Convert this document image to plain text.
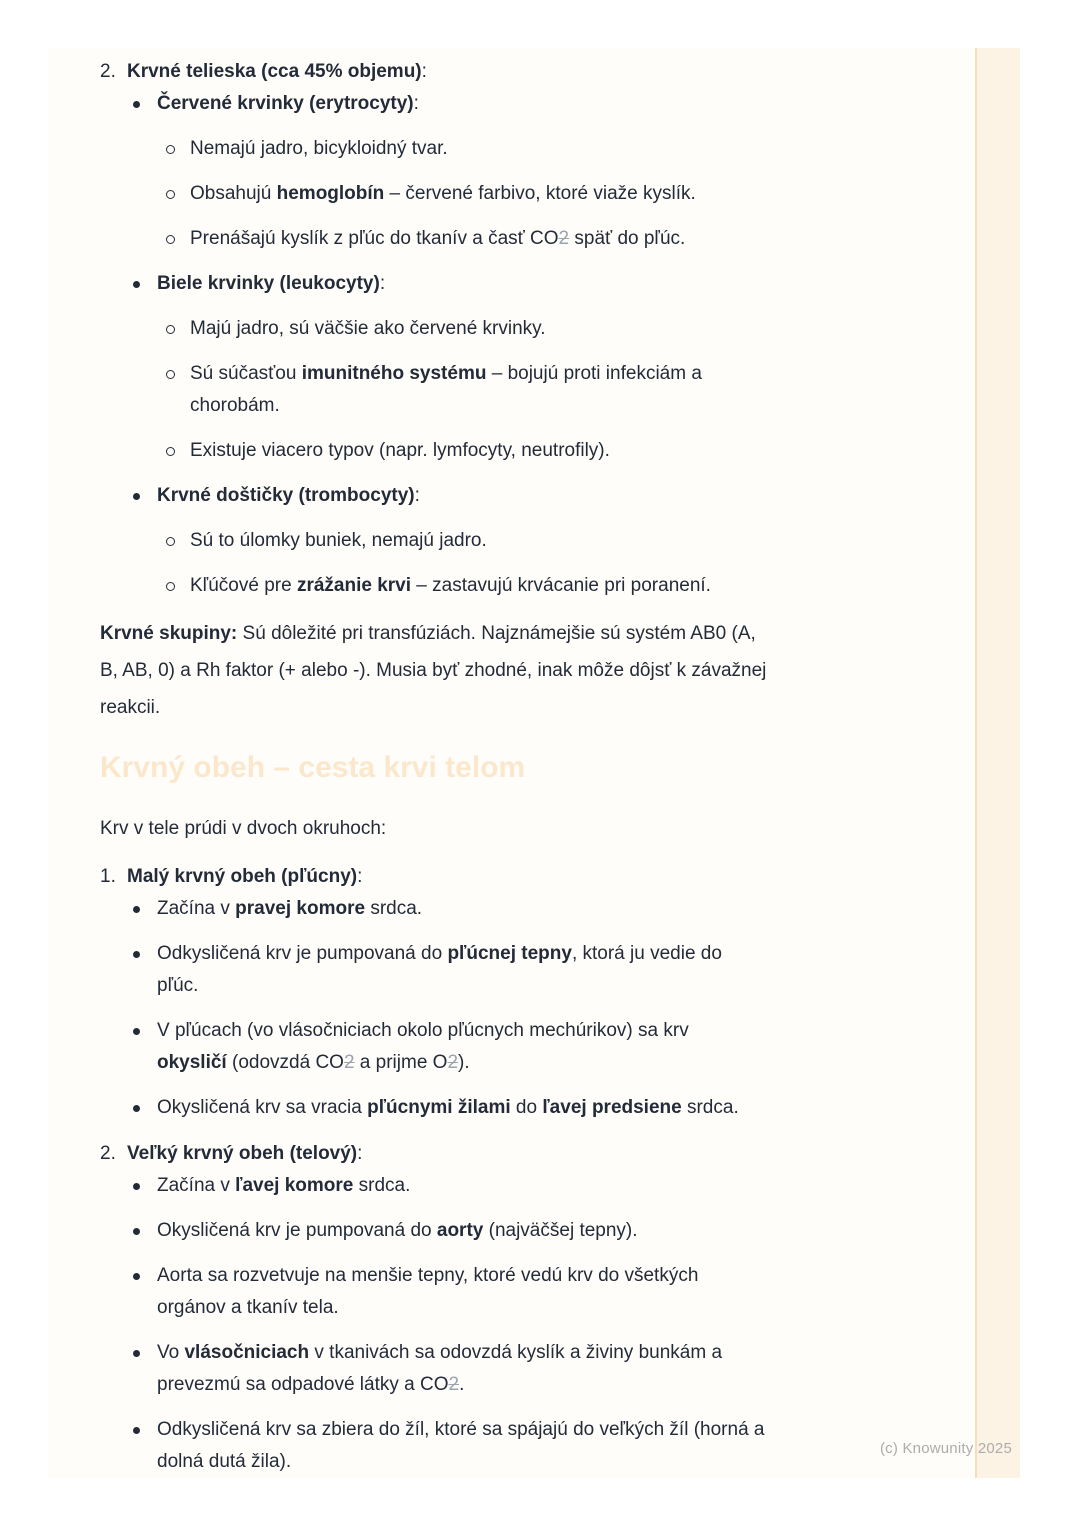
2. Krvné telieska (cca 45% objemu):
Červené krvinky (erytrocyty):
Nemajú jadro, bicykloidný tvar.
Obsahujú hemoglobín – červené farbivo, ktoré viaže kyslík.
Prenášajú kyslík z pľúc do tkanív a časť CO2 späť do pľúc.
Biele krvinky (leukocyty):
Majú jadro, sú väčšie ako červené krvinky.
Sú súčasťou imunitného systému – bojujú proti infekciám a
chorobám.
Existuje viacero typov (napr. lymfocyty, neutrofily).
Krvné doštičky (trombocyty):
Sú to úlomky buniek, nemajú jadro.
Kľúčové pre zrážanie krvi – zastavujú krvácanie pri poranení.
Krvné skupiny: Sú dôležité pri transfúziách. Najznámejšie sú systém AB0 (A,
B, AB, 0) a Rh faktor (+ alebo -). Musia byť zhodné, inak môže dôjsť k závažnej
reakcii.
Krvný obeh – cesta krvi telom
Krv v tele prúdi v dvoch okruhoch:
1. Malý krvný obeh (pľúcny):
Začína v pravej komore srdca.
Odkysličená krv je pumpovaná do pľúcnej tepny, ktorá ju vedie do
pľúc.
V pľúcach (vo vlásočniciach okolo pľúcnych mechúrikov) sa krv
okysličí (odovzdá CO2 a prijme O2).
Okysličená krv sa vracia pľúcnymi žilami do ľavej predsiene srdca.
2. Veľký krvný obeh (telový):
Začína v ľavej komore srdca.
Okysličená krv je pumpovaná do aorty (najväčšej tepny).
Aorta sa rozvetvuje na menšie tepny, ktoré vedú krv do všetkých
orgánov a tkanív tela.
Vo vlásočniciach v tkanivách sa odovzdá kyslík a živiny bunkám a
prevezmú sa odpadové látky a CO2.
Odkysličená krv sa zbiera do žíl, ktoré sa spájajú do veľkých žíl (horná a
dolná dutá žila).
(c) Knowunity 2025
